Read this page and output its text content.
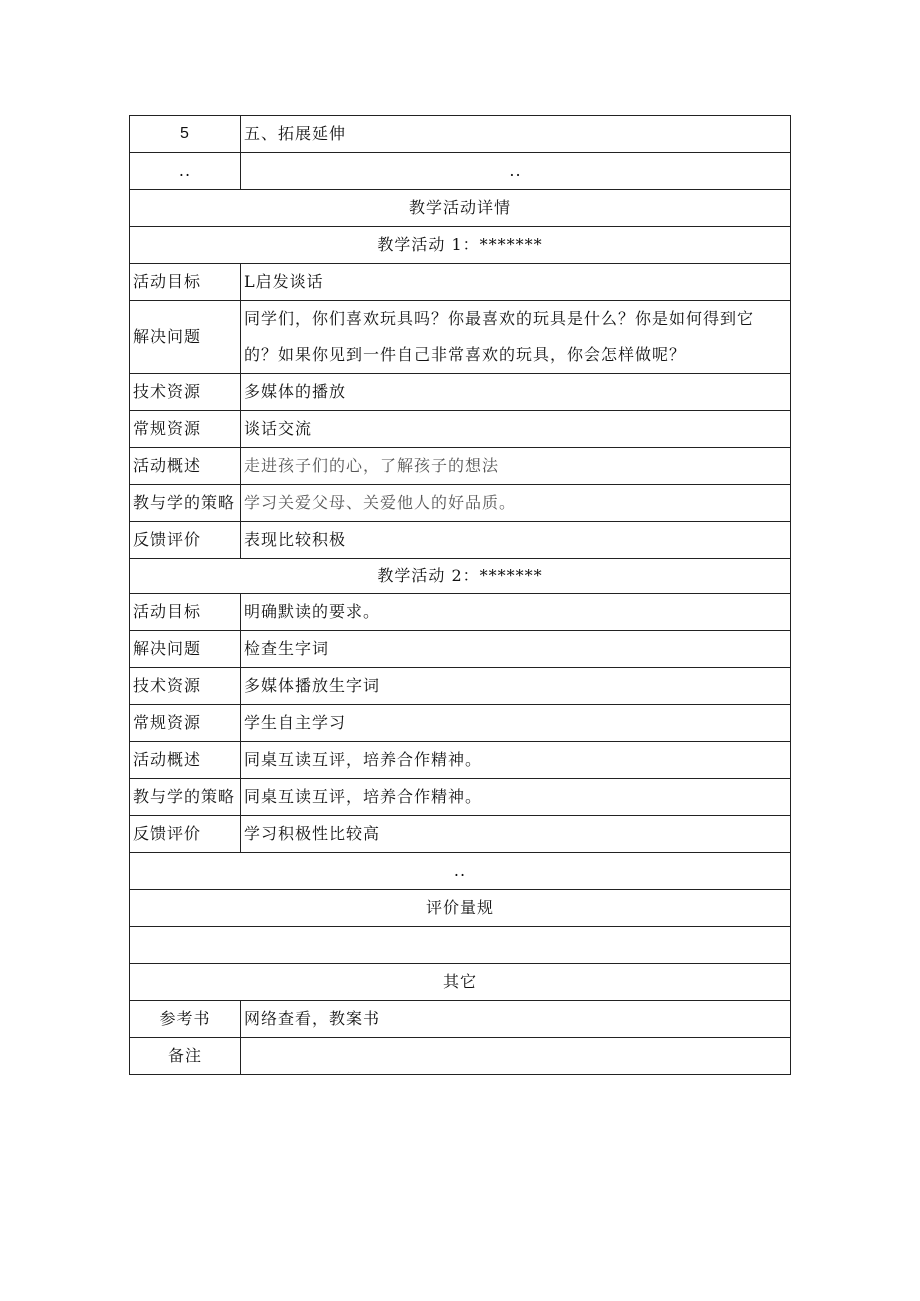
5	五、拓展延伸
..	..
教学活动详情	
教学活动 1：*******	
活动目标	L启发谈话
解决问题	同学们，你们喜欢玩具吗？你最喜欢的玩具是什么？你是如何得到它的？如果你见到一件自己非常喜欢的玩具，你会怎样做呢？
技术资源	多媒体的播放
常规资源	谈话交流
活动概述	走进孩子们的心，了解孩子的想法
教与学的策略	学习关爱父母、关爱他人的好品质。
反馈评价	表现比较积极
教学活动 2：*******	
活动目标	明确默读的要求。
解决问题	检查生字词
技术资源	多媒体播放生字词
常规资源	学生自主学习
活动概述	同桌互读互评，培养合作精神。
教与学的策略	同桌互读互评，培养合作精神。
反馈评价	学习积极性比较高
..	
评价量规	

其它	
参考书	网络查看，教案书
备注	
